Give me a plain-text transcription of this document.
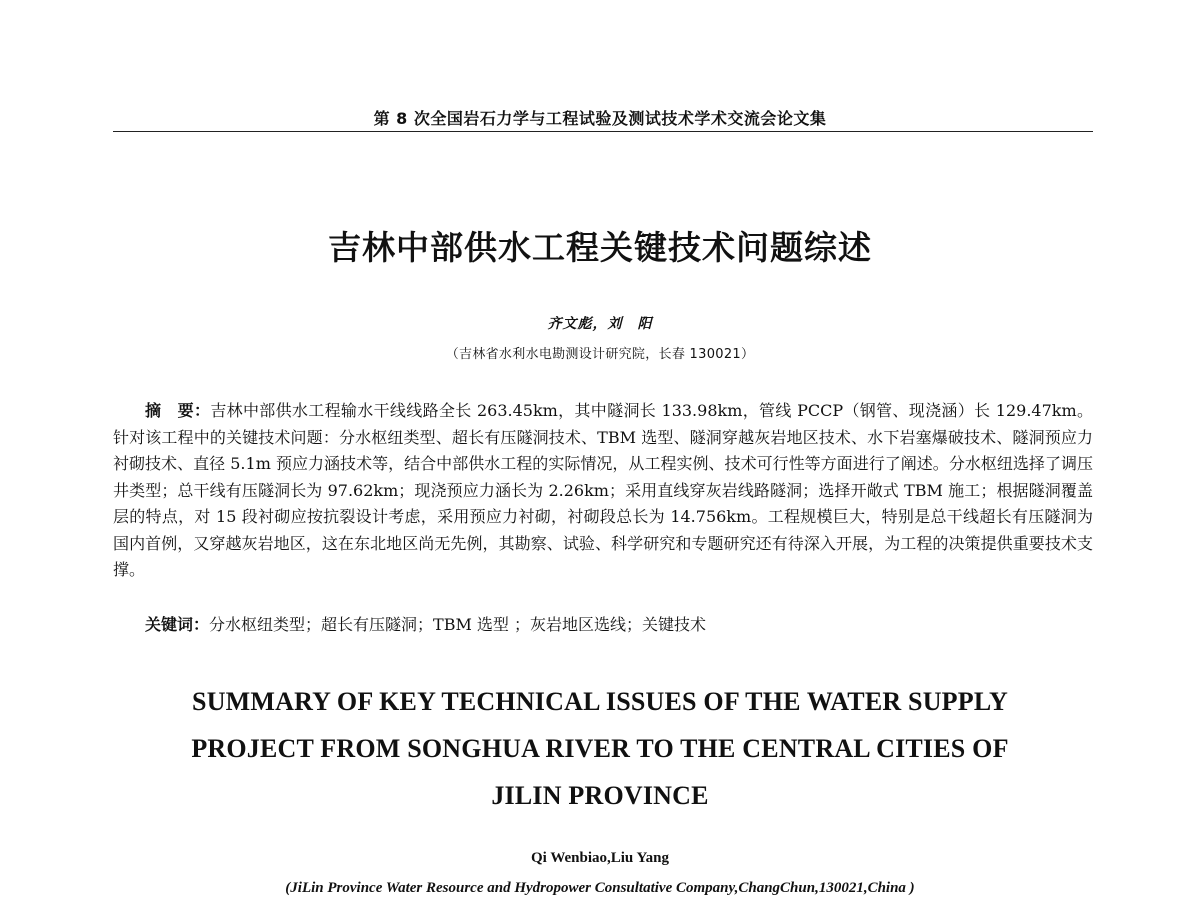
第 8 次全国岩石力学与工程试验及测试技术学术交流会论文集
吉林中部供水工程关键技术问题综述
齐文彪，刘　阳
（吉林省水利水电勘测设计研究院，长春 130021）
摘　要：吉林中部供水工程输水干线线路全长 263.45km，其中隧洞长 133.98km，管线 PCCP（钢管、现浇涵）长 129.47km。针对该工程中的关键技术问题：分水枢纽类型、超长有压隧洞技术、TBM 选型、隧洞穿越灰岩地区技术、水下岩塞爆破技术、隧洞预应力衬砌技术、直径 5.1m 预应力涵技术等，结合中部供水工程的实际情况，从工程实例、技术可行性等方面进行了阐述。分水枢纽选择了调压井类型；总干线有压隧洞长为 97.62km；现浇预应力涵长为 2.26km；采用直线穿灰岩线路隧洞；选择开敞式 TBM 施工；根据隧洞覆盖层的特点，对 15 段衬砌应按抗裂设计考虑，采用预应力衬砌，衬砌段总长为 14.756km。工程规模巨大，特别是总干线超长有压隧洞为国内首例，又穿越灰岩地区，这在东北地区尚无先例，其勘察、试验、科学研究和专题研究还有待深入开展，为工程的决策提供重要技术支撑。
关键词：分水枢纽类型；超长有压隧洞；TBM 选型 ；灰岩地区选线；关键技术
SUMMARY OF KEY TECHNICAL ISSUES OF THE WATER SUPPLY
PROJECT FROM SONGHUA RIVER TO THE CENTRAL CITIES OF
JILIN PROVINCE
Qi Wenbiao,Liu Yang
(JiLin Province Water Resource and Hydropower Consultative Company,ChangChun,130021,China )
